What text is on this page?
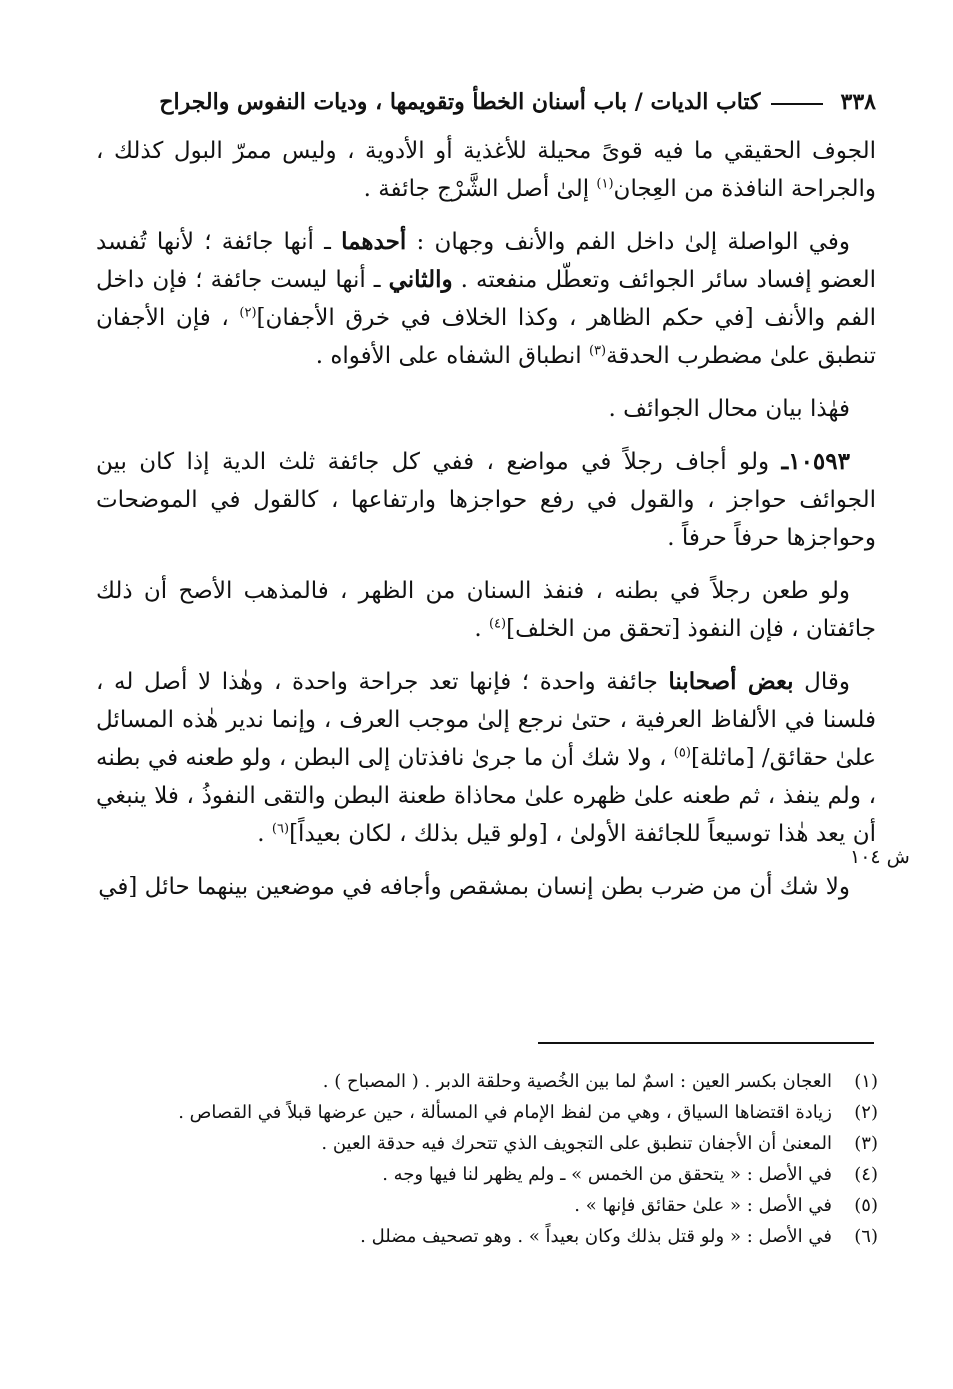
٣٣٨
كتاب الديات / باب أسنان الخطأ وتقويمها ، وديات النفوس والجراح

الجوف الحقيقي ما فيه قوىً محيلة للأغذية أو الأدوية ، وليس ممرّ البول كذلك ، والجراحة النافذة من العِجان$^{(١)}$ إلىٰ أصل الشَّرْج جائفة .

وفي الواصلة إلىٰ داخل الفم والأنف وجهان : أحدهما ـ أنها جائفة ؛ لأنها تُفسد العضو إفساد سائر الجوائف وتعطّل منفعته . والثاني ـ أنها ليست جائفة ؛ فإن داخل الفم والأنف [في حكم الظاهر ، وكذا الخلاف في خرق الأجفان]$^{(٢)}$ ، فإن الأجفان تنطبق علىٰ مضطرب الحدقة$^{(٣)}$ انطباق الشفاه على الأفواه .

فهٰذا بيان محال الجوائف .

١٠٥٩٣ـ ولو أجاف رجلاً في مواضع ، ففي كل جائفة ثلث الدية إذا كان بين الجوائف حواجز ، والقول في رفع حواجزها وارتفاعها ، كالقول في الموضحات وحواجزها حرفاً حرفاً .

ولو طعن رجلاً في بطنه ، فنفذ السنان من الظهر ، فالمذهب الأصح أن ذلك جائفتان ، فإن النفوذ [تحقق من الخلف]$^{(٤)}$ .

وقال بعض أصحابنا جائفة واحدة ؛ فإنها تعد جراحة واحدة ، وهٰذا لا أصل له ، فلسنا في الألفاظ العرفية ، حتىٰ نرجع إلىٰ موجب العرف ، وإنما ندير هٰذه المسائل علىٰ حقائق/ [ماثلة]$^{(٥)}$ ، ولا شك أن ما جرىٰ نافذتان إلى البطن ، ولو طعنه في بطنه ، ولم ينفذ ، ثم طعنه علىٰ ظهره علىٰ محاذاة طعنة البطن والتقى النفوذُ ، فلا ينبغي أن يعد هٰذا توسيعاً للجائفة الأولىٰ ، [ولو قيل بذلك ، لكان بعيداً]$^{(٦)}$ .

ولا شك أن من ضرب بطن إنسان بمشقص وأجافه في موضعين بينهما حائل [في

ش ١٠٤
(١)
العجان بكسر العين : اسمٌ لما بين الخُصية وحلقة الدبر . ( المصباح ) .
(٢)
زيادة اقتضاها السياق ، وهي من لفظ الإمام في المسألة ، حين عرضها قبلاً في القصاص .
(٣)
المعنىٰ أن الأجفان تنطبق على التجويف الذي تتحرك فيه حدقة العين .
(٤)
في الأصل : « يتحقق من الخمس » ـ ولم يظهر لنا فيها وجه .
(٥)
في الأصل : « علىٰ حقائق فإنها » .
(٦)
في الأصل : « ولو قتل بذلك وكان بعيداً » . وهو تصحيف مضلل .
